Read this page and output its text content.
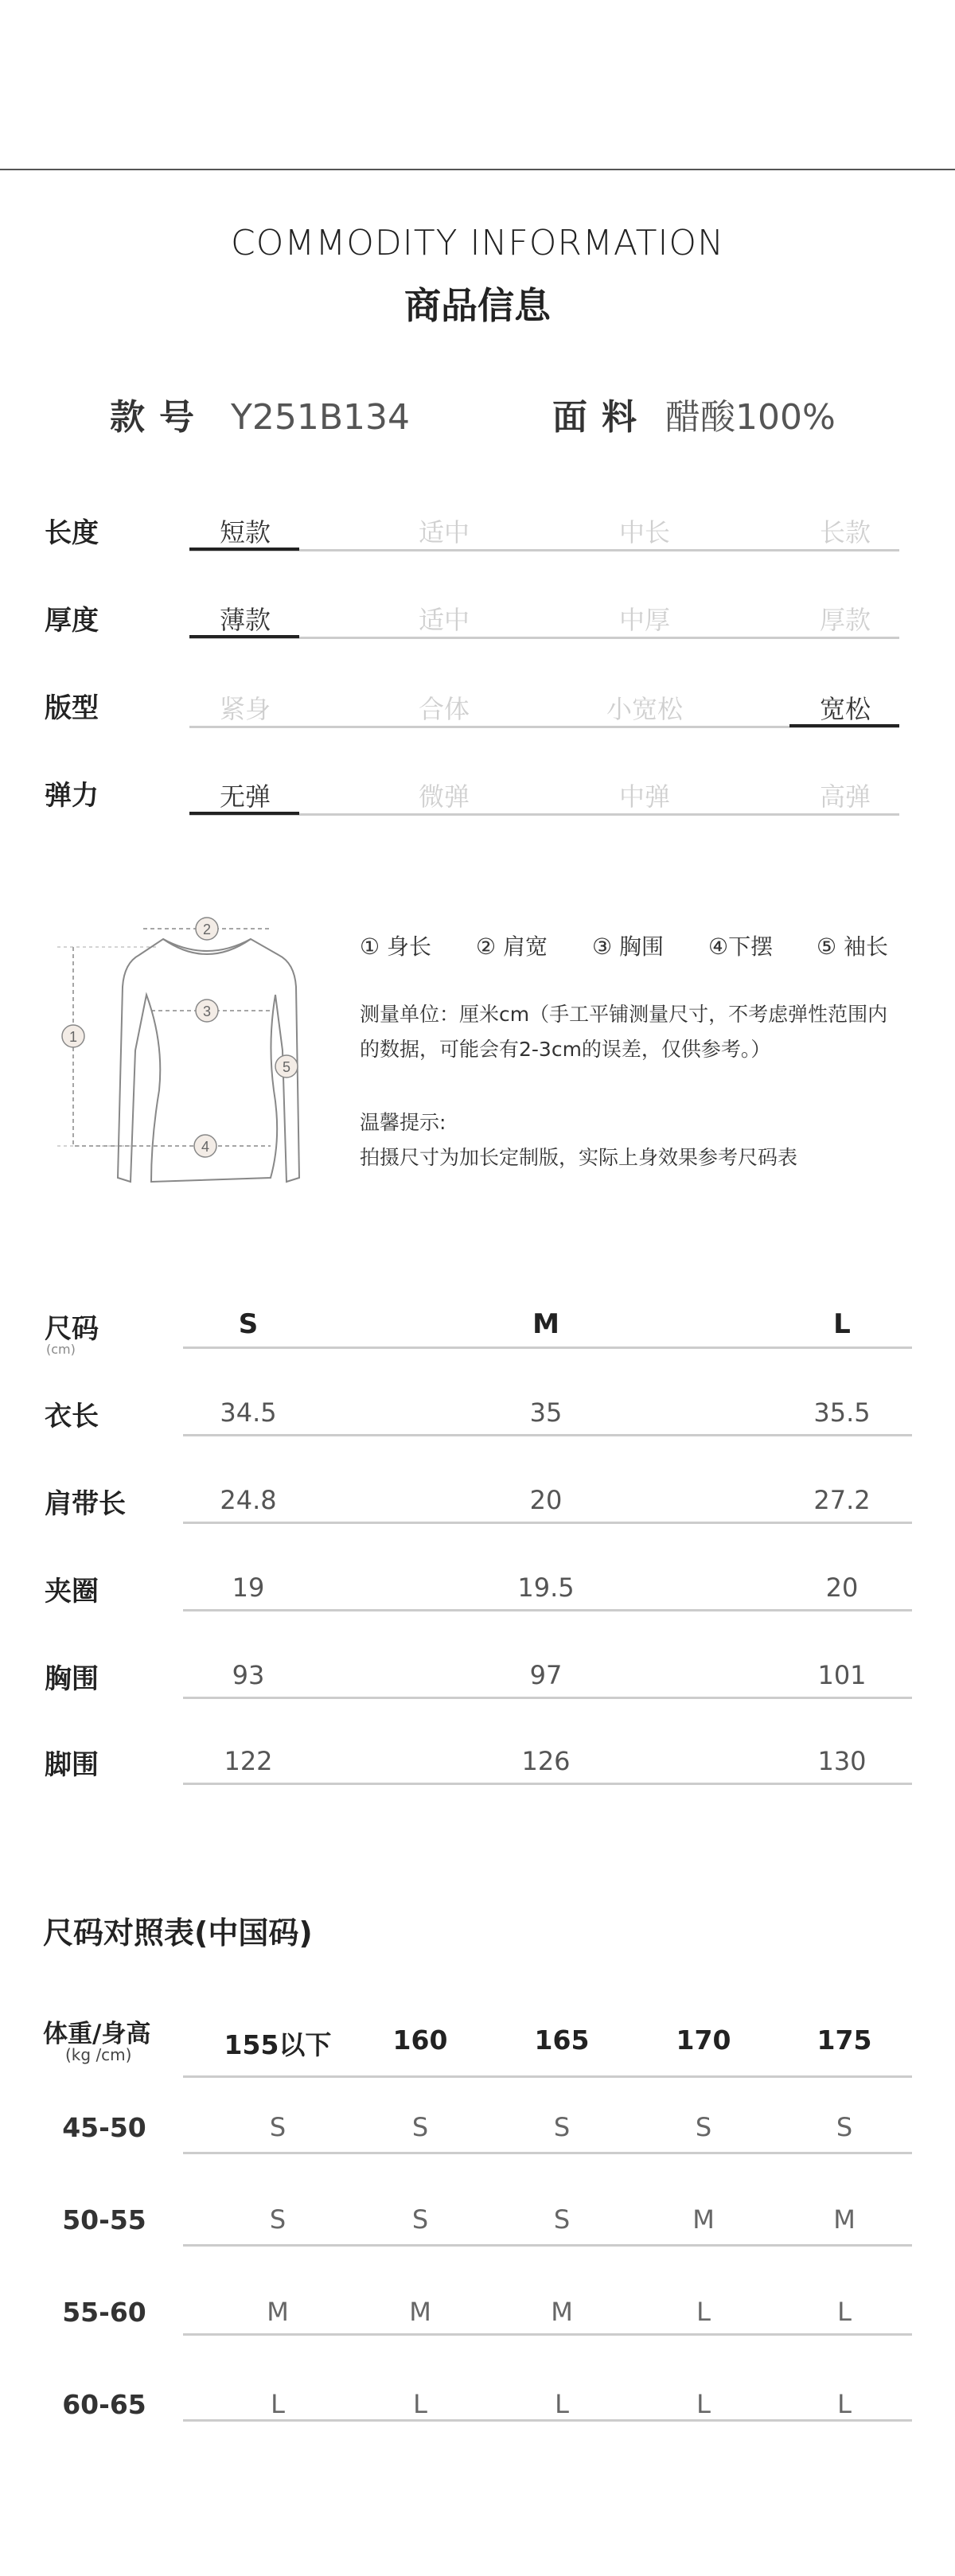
COMMODITY INFORMATION
商品信息
款号 Y251B134	面料 醋酸100%
长度	短款	适中	中长	长款
厚度	薄款	适中	中厚	厚款
版型	紧身	合体	小宽松	宽松
弹力	无弹	微弹	中弹	高弹
2
1
3
4
5
① 身长 ② 肩宽 ③ 胸围 ④下摆 ⑤ 袖长
测量单位：厘米cm（手工平铺测量尺寸，不考虑弹性范围内
的数据，可能会有2-3cm的误差，仅供参考。）
温馨提示:
拍摄尺寸为加长定制版，实际上身效果参考尺码表
尺码
(cm)
S	M	L
衣长	34.5	35	35.5
肩带长	24.8	20	27.2
夹圈	19	19.5	20
胸围	93	97	101
脚围	122	126	130
尺码对照表(中国码)
体重/身高
(kg /cm)	155以下	160	165	170	175
45-50	S	S	S	S	S
50-55	S	S	S	M	M
55-60	M	M	M	L	L
60-65	L	L	L	L	L
